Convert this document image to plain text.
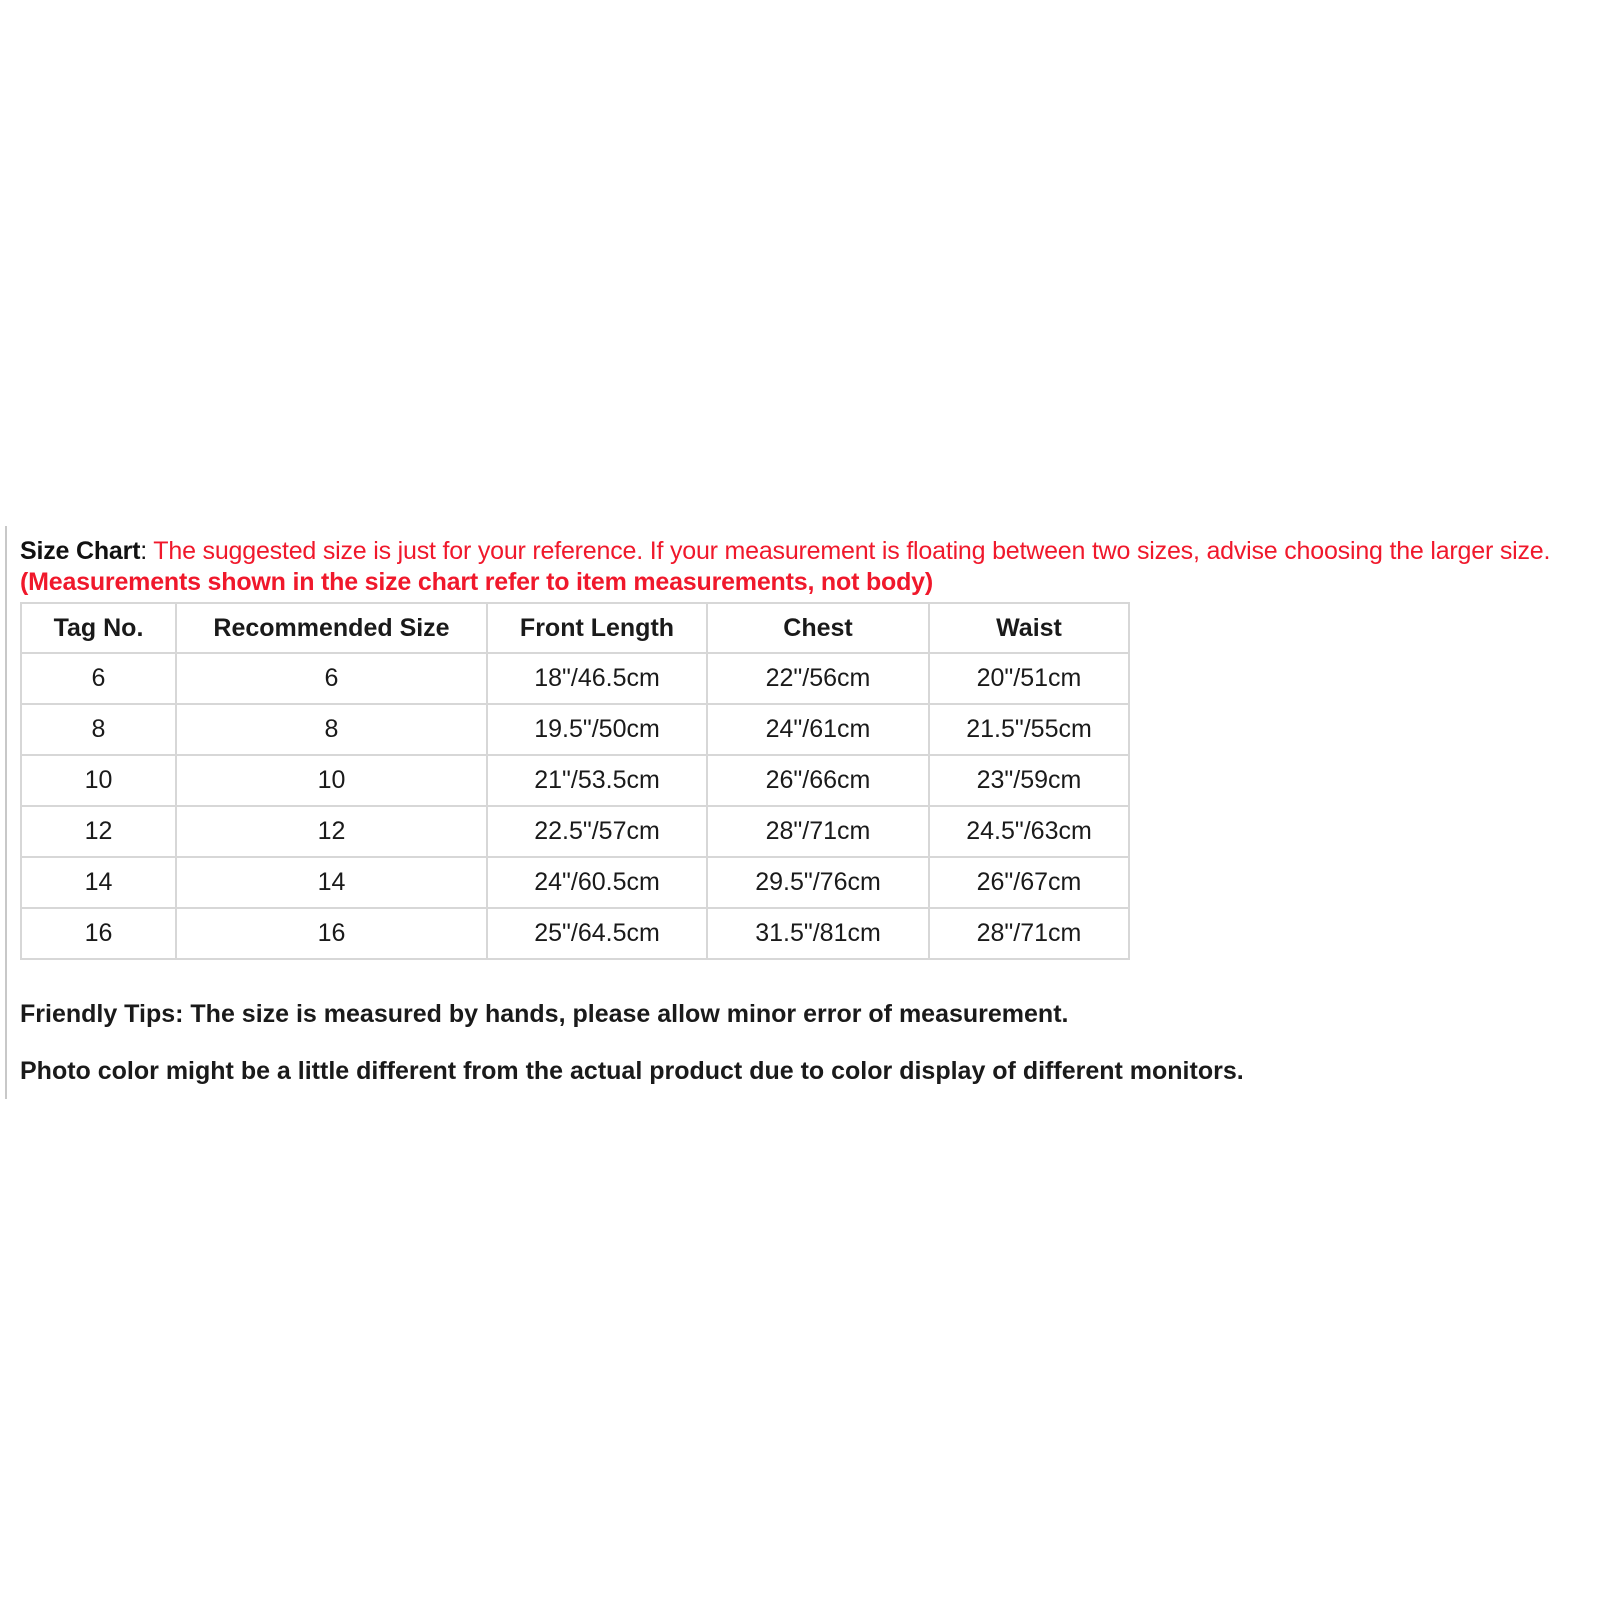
Size Chart: The suggested size is just for your reference. If your measurement is floating between two sizes, advise choosing the larger size. (Measurements shown in the size chart refer to item measurements, not body)
Tag No.	Recommended Size	Front Length	Chest	Waist
6	6	18"/46.5cm	22"/56cm	20"/51cm
8	8	19.5"/50cm	24"/61cm	21.5"/55cm
10	10	21"/53.5cm	26"/66cm	23"/59cm
12	12	22.5"/57cm	28"/71cm	24.5"/63cm
14	14	24"/60.5cm	29.5"/76cm	26"/67cm
16	16	25"/64.5cm	31.5"/81cm	28"/71cm
Friendly Tips: The size is measured by hands, please allow minor error of measurement.
Photo color might be a little different from the actual product due to color display of different monitors.
